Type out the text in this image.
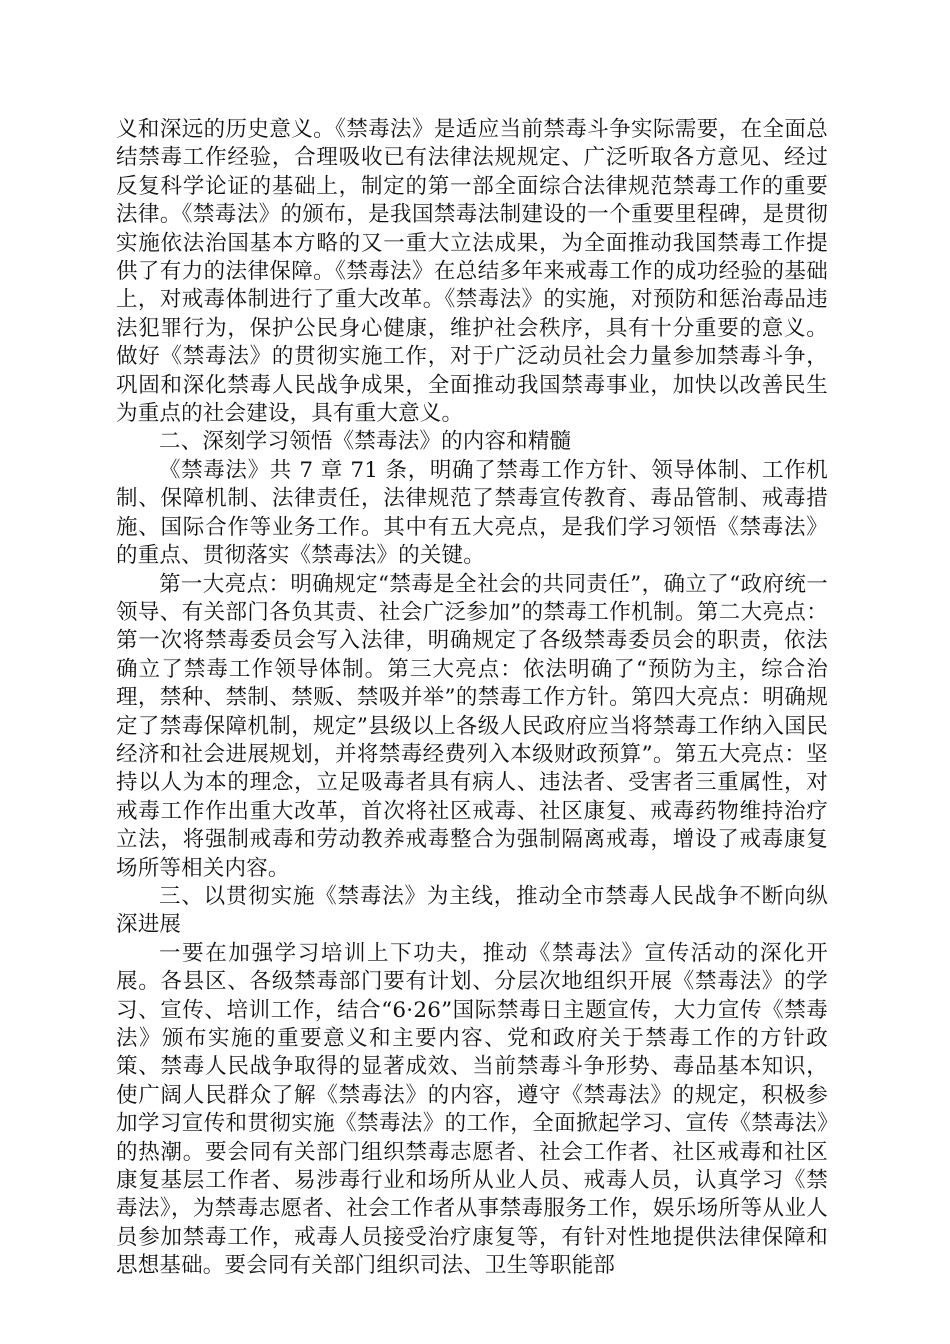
义和深远的历史意义。《禁毒法》是适应当前禁毒斗争实际需要，在全面总结禁毒工作经验，合理吸收已有法律法规规定、广泛听取各方意见、经过反复科学论证的基础上，制定的第一部全面综合法律规范禁毒工作的重要法律。《禁毒法》的颁布，是我国禁毒法制建设的一个重要里程碑，是贯彻实施依法治国基本方略的又一重大立法成果，为全面推动我国禁毒工作提供了有力的法律保障。《禁毒法》在总结多年来戒毒工作的成功经验的基础上，对戒毒体制进行了重大改革。《禁毒法》的实施，对预防和惩治毒品违法犯罪行为，保护公民身心健康，维护社会秩序，具有十分重要的意义。做好《禁毒法》的贯彻实施工作，对于广泛动员社会力量参加禁毒斗争，巩固和深化禁毒人民战争成果，全面推动我国禁毒事业，加快以改善民生为重点的社会建设，具有重大意义。

二、深刻学习领悟《禁毒法》的内容和精髓

《禁毒法》共 7 章 71 条，明确了禁毒工作方针、领导体制、工作机制、保障机制、法律责任，法律规范了禁毒宣传教育、毒品管制、戒毒措施、国际合作等业务工作。其中有五大亮点，是我们学习领悟《禁毒法》的重点、贯彻落实《禁毒法》的关键。

第一大亮点：明确规定“禁毒是全社会的共同责任”，确立了“政府统一领导、有关部门各负其责、社会广泛参加”的禁毒工作机制。第二大亮点：第一次将禁毒委员会写入法律，明确规定了各级禁毒委员会的职责，依法确立了禁毒工作领导体制。第三大亮点：依法明确了“预防为主，综合治理，禁种、禁制、禁贩、禁吸并举”的禁毒工作方针。第四大亮点：明确规定了禁毒保障机制，规定”县级以上各级人民政府应当将禁毒工作纳入国民经济和社会进展规划，并将禁毒经费列入本级财政预算”。第五大亮点：坚持以人为本的理念，立足吸毒者具有病人、违法者、受害者三重属性，对戒毒工作作出重大改革，首次将社区戒毒、社区康复、戒毒药物维持治疗立法，将强制戒毒和劳动教养戒毒整合为强制隔离戒毒，增设了戒毒康复场所等相关内容。

三、以贯彻实施《禁毒法》为主线，推动全市禁毒人民战争不断向纵深进展

一要在加强学习培训上下功夫，推动《禁毒法》宣传活动的深化开展。各县区、各级禁毒部门要有计划、分层次地组织开展《禁毒法》的学习、宣传、培训工作，结合“6·26”国际禁毒日主题宣传，大力宣传《禁毒法》颁布实施的重要意义和主要内容、党和政府关于禁毒工作的方针政策、禁毒人民战争取得的显著成效、当前禁毒斗争形势、毒品基本知识，使广阔人民群众了解《禁毒法》的内容，遵守《禁毒法》的规定，积极参加学习宣传和贯彻实施《禁毒法》的工作，全面掀起学习、宣传《禁毒法》的热潮。要会同有关部门组织禁毒志愿者、社会工作者、社区戒毒和社区康复基层工作者、易涉毒行业和场所从业人员、戒毒人员，认真学习《禁毒法》，为禁毒志愿者、社会工作者从事禁毒服务工作，娱乐场所等从业人员参加禁毒工作，戒毒人员接受治疗康复等，有针对性地提供法律保障和思想基础。要会同有关部门组织司法、卫生等职能部
